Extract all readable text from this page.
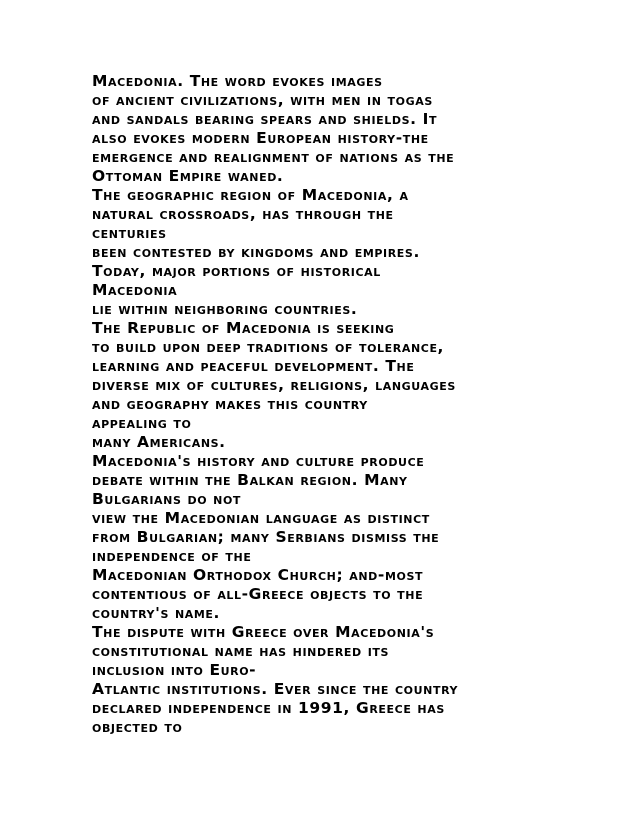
Macedonia. The word evokes images
of ancient civilizations, with men in togas
and sandals bearing spears and shields. It
also evokes modern European history-the
emergence and realignment of nations as the
Ottoman Empire waned.
The geographic region of Macedonia, a
natural crossroads, has through the
centuries
been contested by kingdoms and empires.
Today, major portions of historical
Macedonia
lie within neighboring countries.
The Republic of Macedonia is seeking
to build upon deep traditions of tolerance,
learning and peaceful development. The
diverse mix of cultures, religions, languages
and geography makes this country
appealing to
many Americans.
Macedonia's history and culture produce
debate within the Balkan region. Many
Bulgarians do not
view the Macedonian language as distinct
from Bulgarian; many Serbians dismiss the
independence of the
Macedonian Orthodox Church; and-most
contentious of all-Greece objects to the
country's name.
The dispute with Greece over Macedonia's
constitutional name has hindered its
inclusion into Euro-
Atlantic institutions. Ever since the country
declared independence in 1991, Greece has
objected to
